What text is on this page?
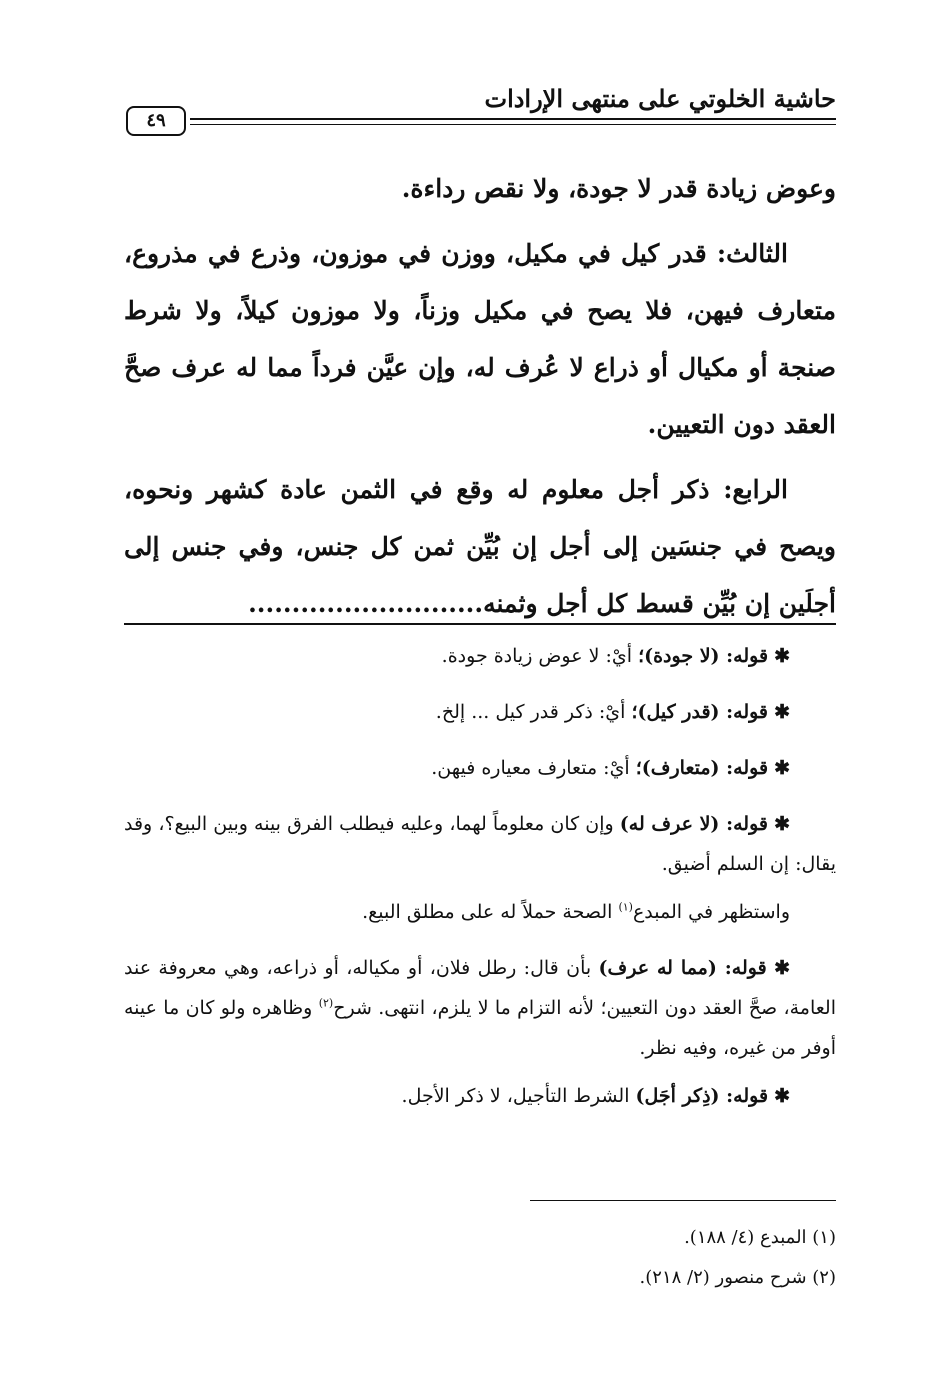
حاشية الخلوتي على منتهى الإرادات
٤٩

وعوض زيادة قدر لا جودة، ولا نقص رداءة.

الثالث: قدر كيل في مكيل، ووزن في موزون، وذرع في مذروع، متعارف فيهن، فلا يصح في مكيل وزناً، ولا موزون كيلاً، ولا شرط صنجة أو مكيال أو ذراع لا عُرف له، وإن عيَّن فرداً مما له عرف صحَّ العقد دون التعيين.

الرابع: ذكر أجل معلوم له وقع في الثمن عادة كشهر ونحوه، ويصح في جنسَين إلى أجل إن بُيِّن ثمن كل جنس، وفي جنس إلى أجلَين إن بُيِّن قسط كل أجل وثمنه...........................

✱ قوله: (لا جودة)؛ أيْ: لا عوض زيادة جودة.

✱ قوله: (قدر كيل)؛ أيْ: ذكر قدر كيل ... إلخ.

✱ قوله: (متعارف)؛ أيْ: متعارف معياره فيهن.

✱ قوله: (لا عرف له) وإن كان معلوماً لهما، وعليه فيطلب الفرق بينه وبين البيع؟، وقد يقال: إن السلم أضيق.

واستظهر في المبدع$^{(١)}$ الصحة حملاً له على مطلق البيع.

✱ قوله: (مما له عرف) بأن قال: رطل فلان، أو مكياله، أو ذراعه، وهي معروفة عند العامة، صحَّ العقد دون التعيين؛ لأنه التزام ما لا يلزم، انتهى. شرح$^{(٢)}$ وظاهره ولو كان ما عينه أوفر من غيره، وفيه نظر.

✱ قوله: (ذِكر أجَل) الشرط التأجيل، لا ذكر الأجل.

(١) المبدع (٤/ ١٨٨).

(٢) شرح منصور (٢/ ٢١٨).
